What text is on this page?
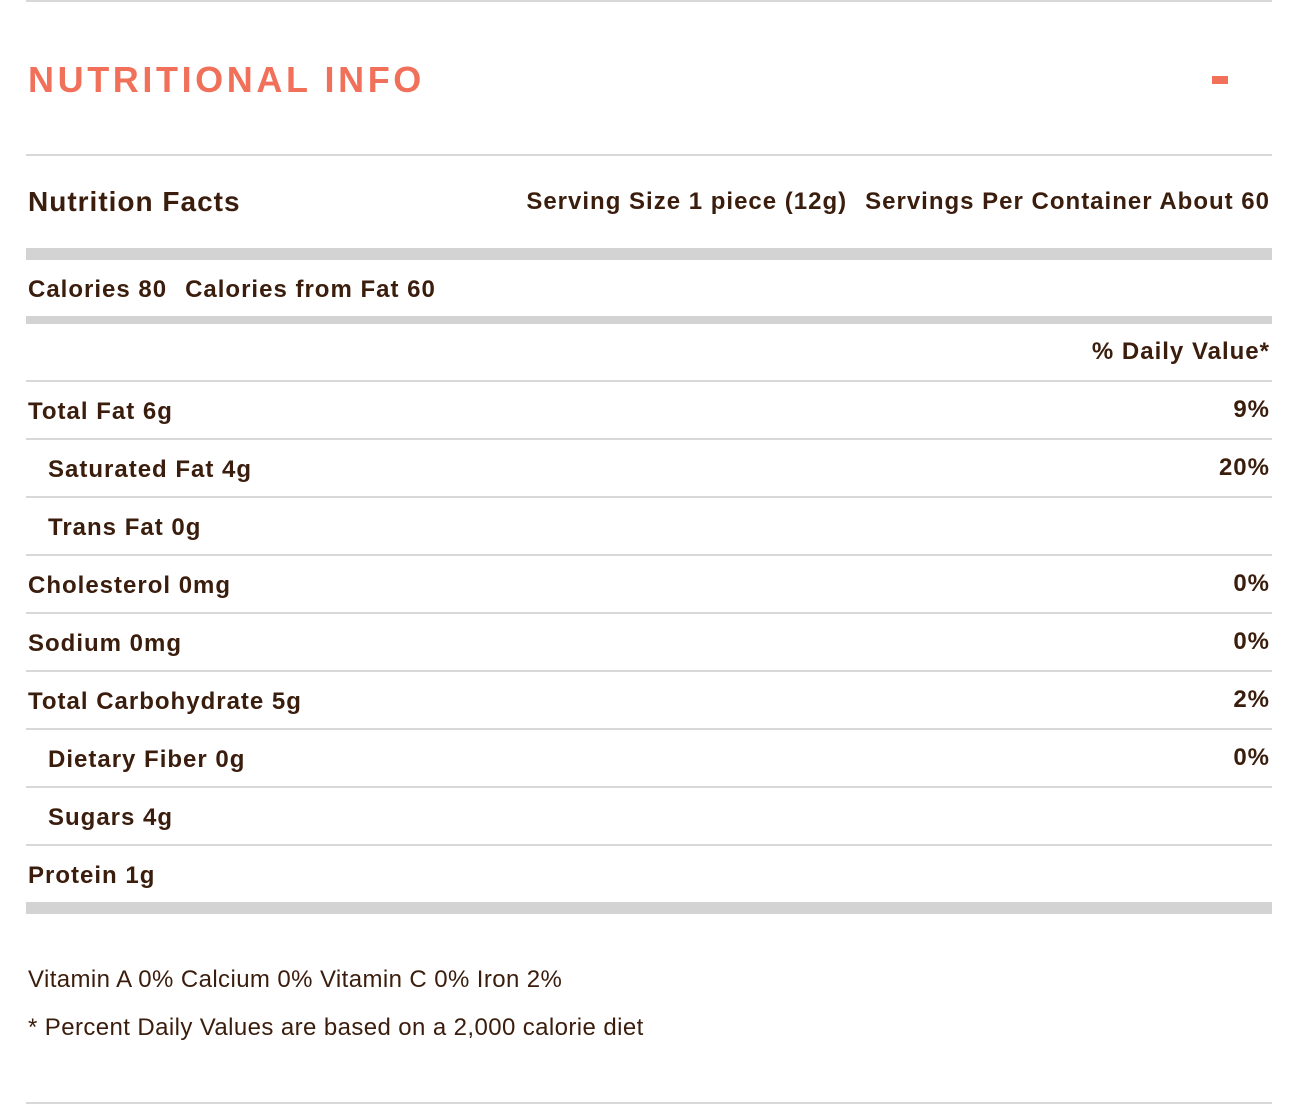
NUTRITIONAL INFO
Nutrition Facts	Serving Size 1 piece (12g) Servings Per Container About 60
Calories 80 Calories from Fat 60
% Daily Value*
Total Fat 6g	9%
Saturated Fat 4g	20%
Trans Fat 0g
Cholesterol 0mg	0%
Sodium 0mg	0%
Total Carbohydrate 5g	2%
Dietary Fiber 0g	0%
Sugars 4g
Protein 1g
Vitamin A 0% Calcium 0% Vitamin C 0% Iron 2%
* Percent Daily Values are based on a 2,000 calorie diet
